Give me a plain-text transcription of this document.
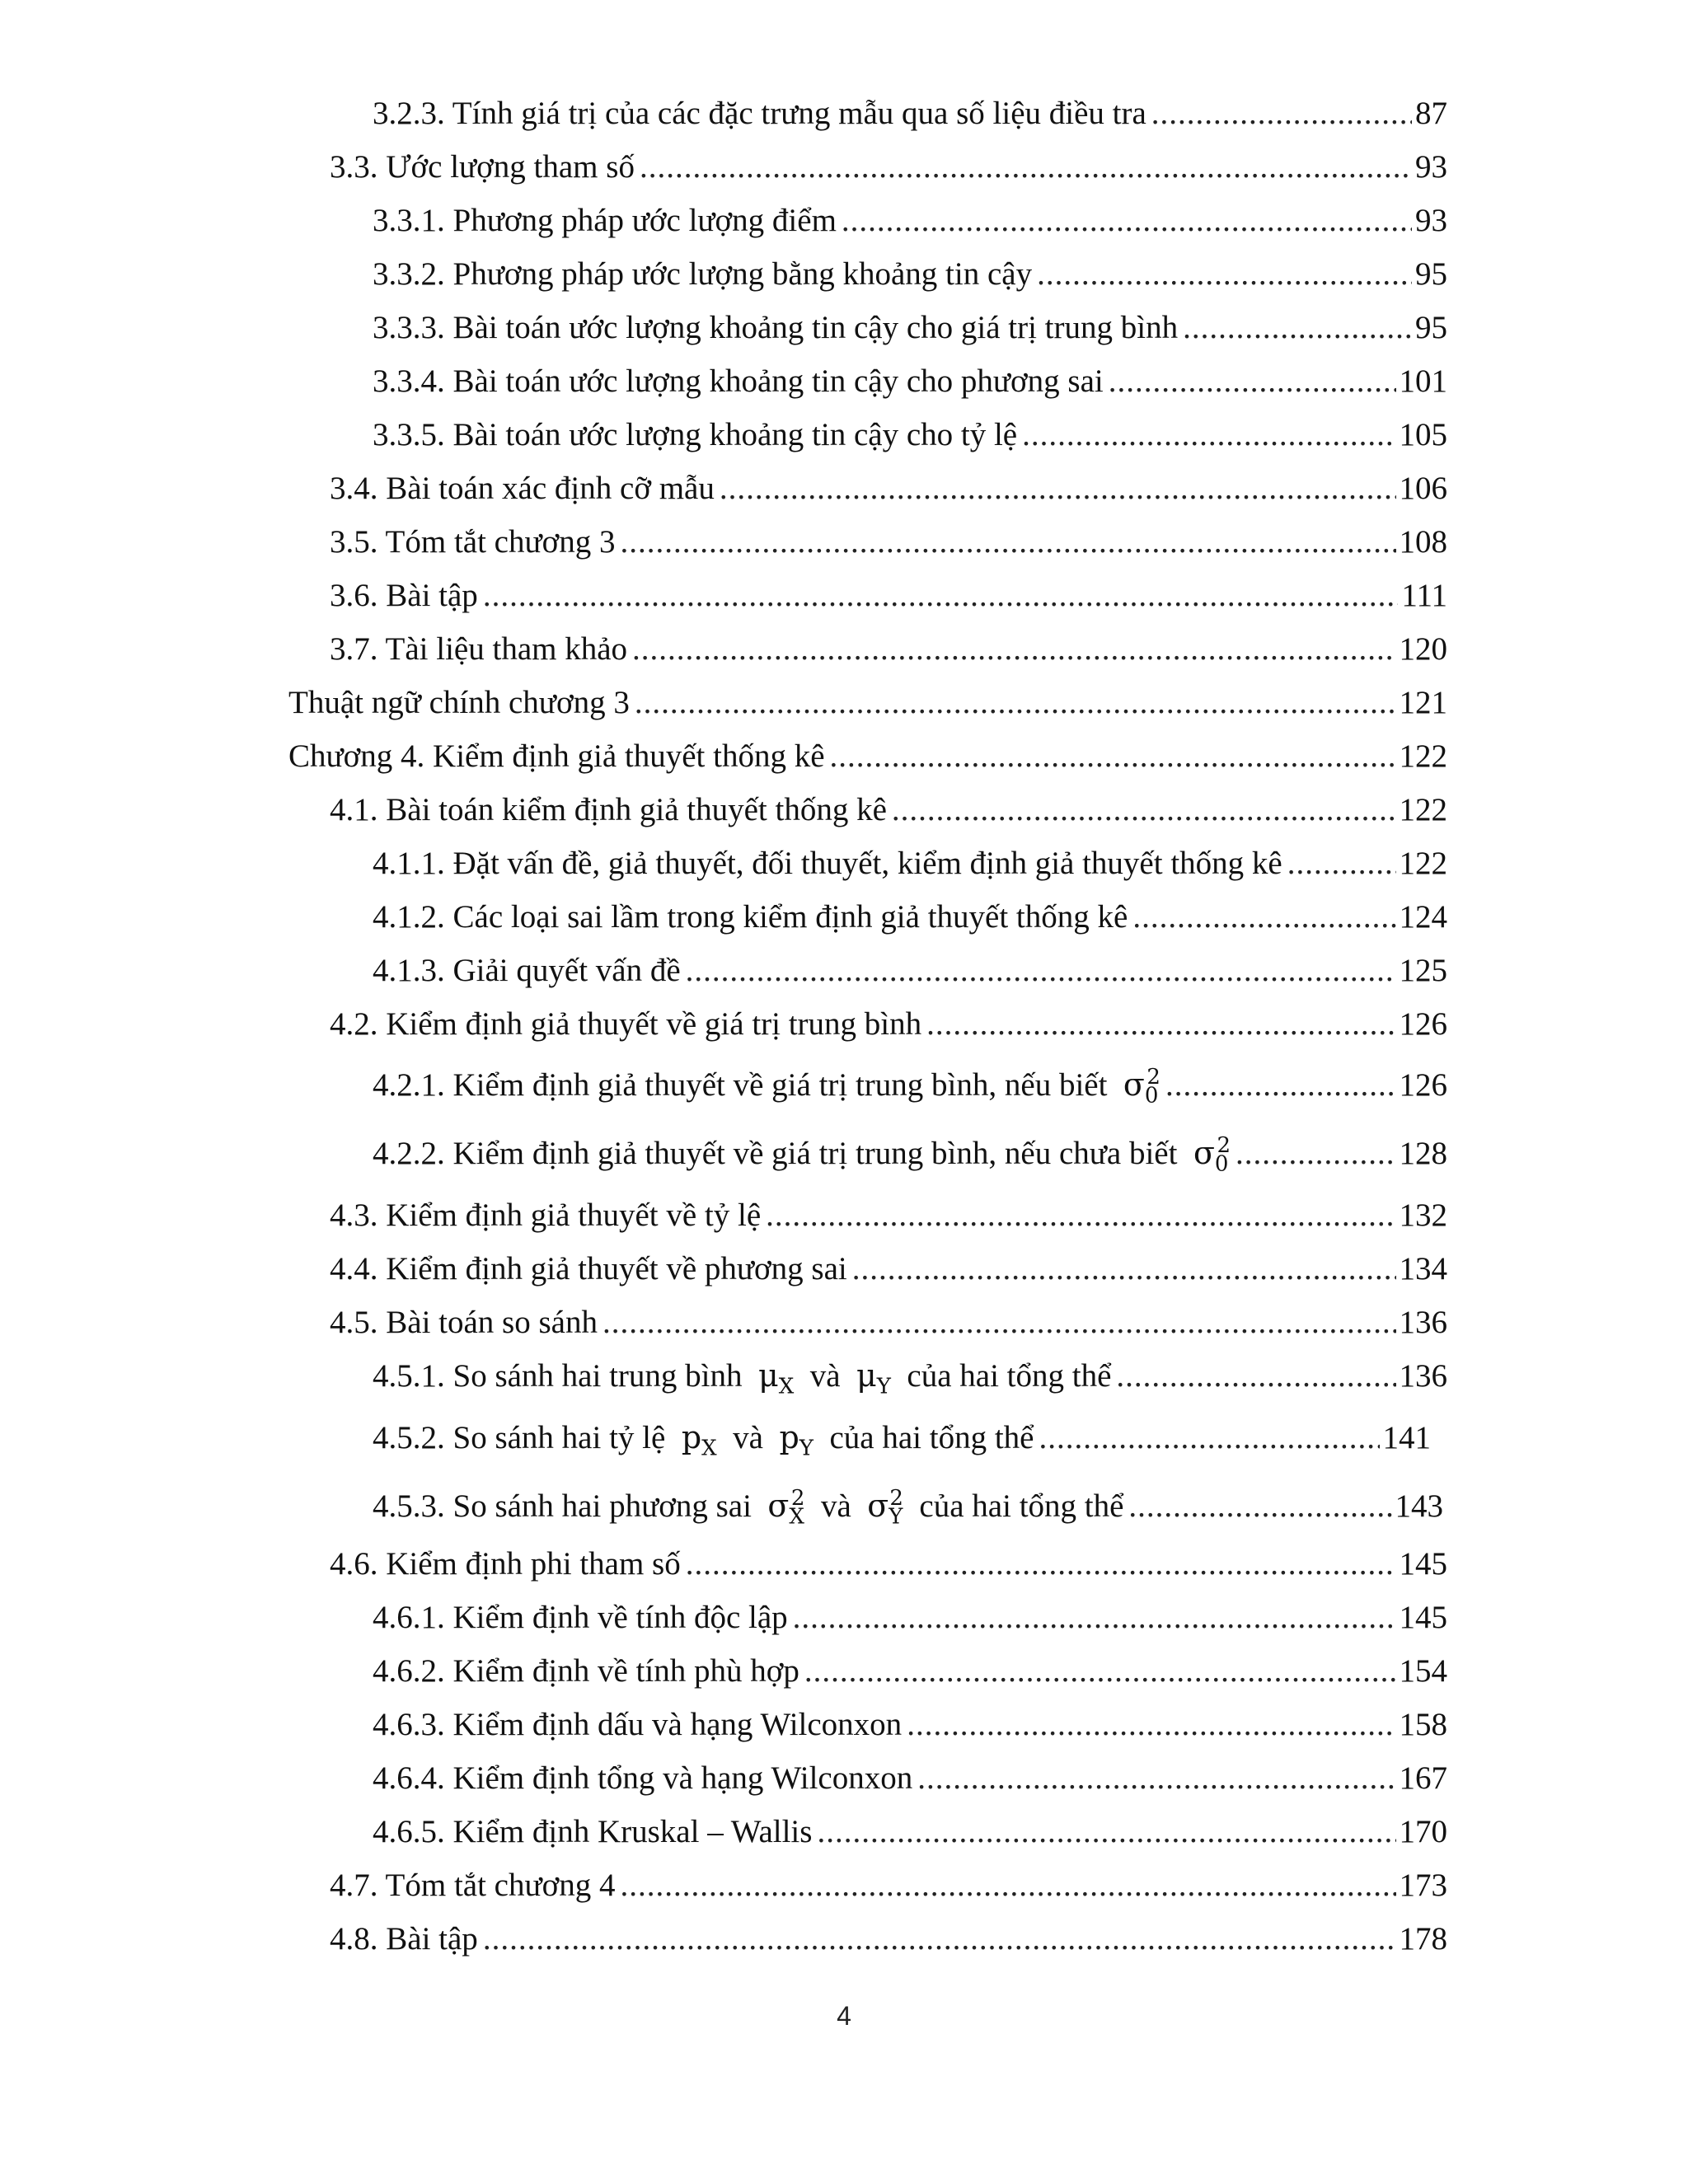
3.2.3. Tính giá trị của các đặc trưng mẫu qua số liệu điều tra .....	87
3.3. Ước lượng tham số .....	93
3.3.1. Phương pháp ước lượng điểm .....	93
3.3.2. Phương pháp ước lượng bằng khoảng tin cậy .....	95
3.3.3. Bài toán ước lượng khoảng tin cậy cho giá trị trung bình .....	95
3.3.4. Bài toán ước lượng khoảng tin cậy cho phương sai .....	101
3.3.5. Bài toán ước lượng khoảng tin cậy cho tỷ lệ .....	105
3.4. Bài toán xác định cỡ mẫu .....	106
3.5. Tóm tắt chương 3 .....	108
3.6. Bài tập .....	111
3.7. Tài liệu tham khảo .....	120
Thuật ngữ chính chương 3 .....	121
Chương 4. Kiểm định giả thuyết thống kê .....	122
4.1. Bài toán kiểm định giả thuyết thống kê .....	122
4.1.1. Đặt vấn đề, giả thuyết, đối thuyết, kiểm định giả thuyết thống kê .....	122
4.1.2. Các loại sai lầm trong kiểm định giả thuyết thống kê .....	124
4.1.3. Giải quyết vấn đề .....	125
4.2. Kiểm định giả thuyết về giá trị trung bình .....	126
4.2.1. Kiểm định giả thuyết về giá trị trung bình, nếu biết
$\sigma_0^2$ .....	126
4.2.2. Kiểm định giả thuyết về giá trị trung bình, nếu chưa biết
$\sigma_0^2$ .....	128
4.3. Kiểm định giả thuyết về tỷ lệ .....	132
4.4. Kiểm định giả thuyết về phương sai .....	134
4.5. Bài toán so sánh .....	136
4.5.1. So sánh hai trung bình
$\mu_X$
và
$\mu_Y$
của hai tổng thể .....	136
4.5.2. So sánh hai tỷ lệ
$p_X$
và
$p_Y$
của hai tổng thể .....	141
4.5.3. So sánh hai phương sai
$\sigma_X^2$
và
$\sigma_Y^2$
của hai tổng thể .....	143
4.6. Kiểm định phi tham số .....	145
4.6.1. Kiểm định về tính độc lập .....	145
4.6.2. Kiểm định về tính phù hợp .....	154
4.6.3. Kiểm định dấu và hạng Wilconxon .....	158
4.6.4. Kiểm định tổng và hạng Wilconxon .....	167
4.6.5. Kiểm định Kruskal – Wallis .....	170
4.7. Tóm tắt chương 4 .....	173
4.8. Bài tập .....	178
4
